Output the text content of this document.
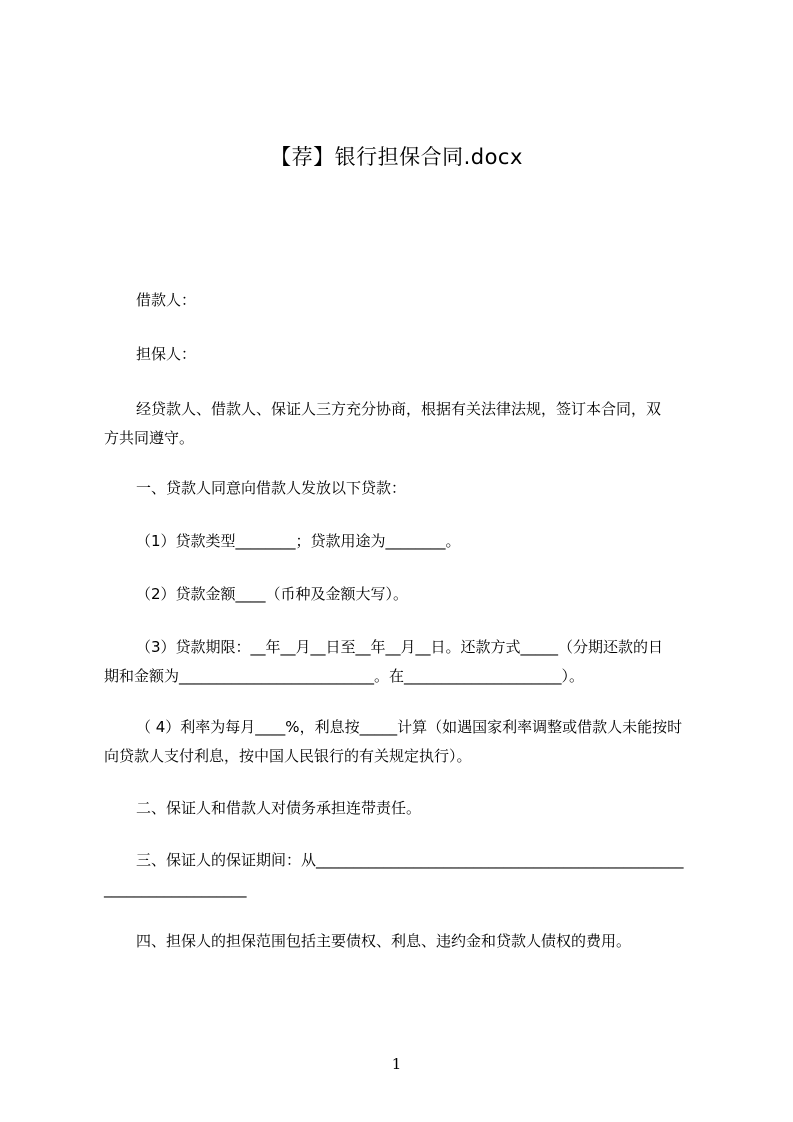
【荐】银行担保合同.docx
借款人：
担保人：
经贷款人、借款人、保证人三方充分协商，根据有关法律法规，签订本合同，双
方共同遵守。
一、贷款人同意向借款人发放以下贷款：
（1）贷款类型________；贷款用途为________。
（2）贷款金额____（币种及金额大写）。
（3）贷款期限：__年__月__日至__年__月__日。还款方式_____（分期还款的日
期和金额为__________________________。在_____________________）。
（ 4）利率为每月____%，利息按_____计算（如遇国家利率调整或借款人未能按时
向贷款人支付利息，按中国人民银行的有关规定执行）。
二、保证人和借款人对债务承担连带责任。
三、保证人的保证期间：从_________________________________________________
___________________
四、担保人的担保范围包括主要债权、利息、违约金和贷款人债权的费用。
1
